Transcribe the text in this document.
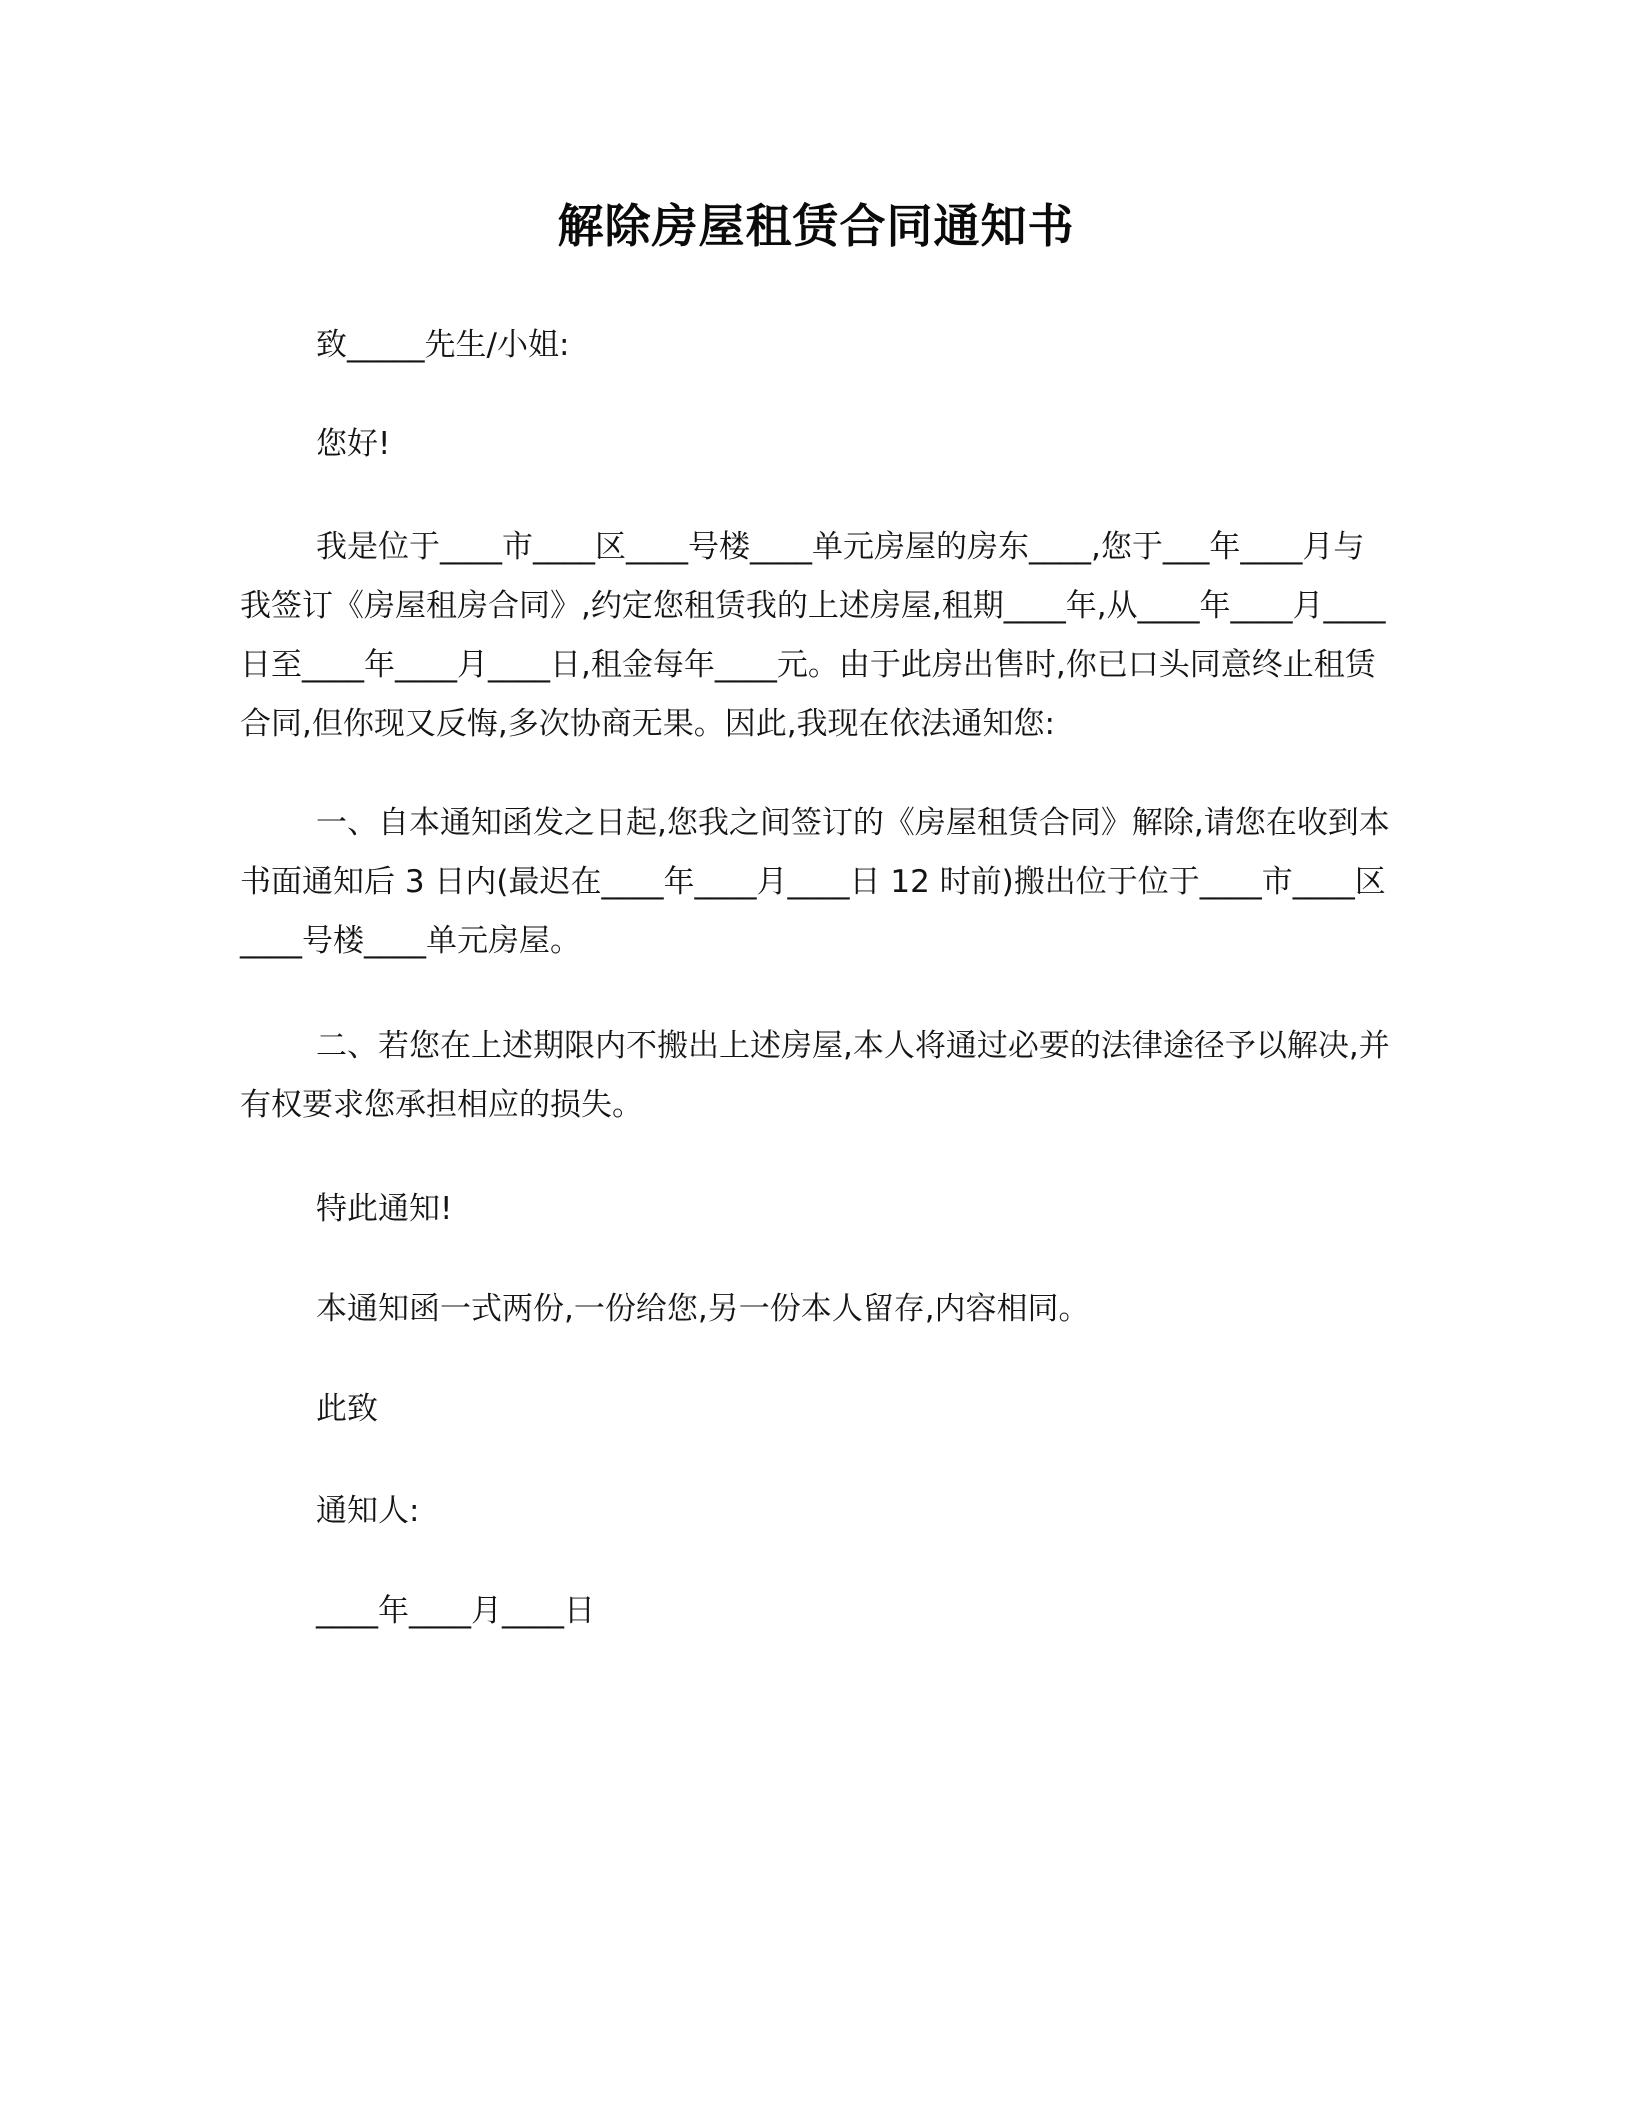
解除房屋租赁合同通知书
致_____先生/小姐:
您好!
我是位于____市____区____号楼____单元房屋的房东____,您于___年____月与我签订《房屋租房合同》,约定您租赁我的上述房屋,租期____年,从____年____月____日至____年____月____日,租金每年____元。由于此房出售时,你已口头同意终止租赁合同,但你现又反悔,多次协商无果。因此,我现在依法通知您:
一、自本通知函发之日起,您我之间签订的《房屋租赁合同》解除,请您在收到本书面通知后 3 日内(最迟在____年____月____日 12 时前)搬出位于位于____市____区____号楼____单元房屋。
二、若您在上述期限内不搬出上述房屋,本人将通过必要的法律途径予以解决,并有权要求您承担相应的损失。
特此通知!
本通知函一式两份,一份给您,另一份本人留存,内容相同。
此致
通知人:
____年____月____日
